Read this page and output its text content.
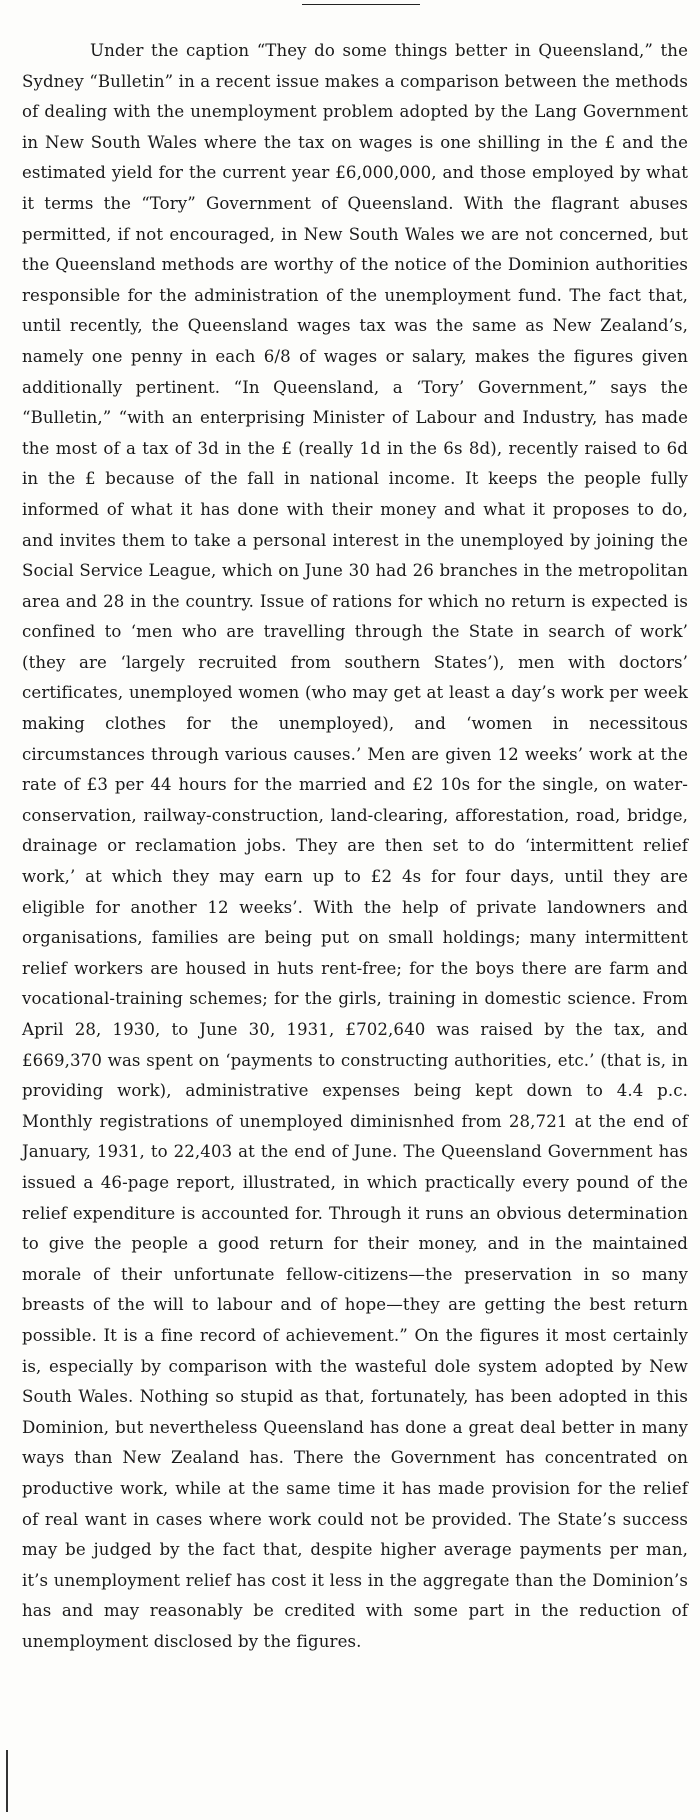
Under the caption “They do some things better in Queensland,” the Sydney “Bulletin” in a recent issue makes a comparison between the methods of dealing with the unemployment problem adopted by the Lang Government in New South Wales where the tax on wages is one shilling in the £ and the estimated yield for the current year £6,000,000, and those employed by what it terms the “Tory” Government of Queensland. With the flagrant abuses permitted, if not encouraged, in New South Wales we are not concerned, but the Queensland methods are worthy of the notice of the Dominion authorities responsible for the administration of the unemployment fund. The fact that, until recently, the Queensland wages tax was the same as New Zealand’s, namely one penny in each 6/8 of wages or salary, makes the figures given additionally pertinent. “In Queensland, a ‘Tory’ Government,” says the “Bulletin,” “with an enterprising Minister of Labour and Industry, has made the most of a tax of 3d in the £ (really 1d in the 6s 8d), recently raised to 6d in the £ because of the fall in national income. It keeps the people fully informed of what it has done with their money and what it proposes to do, and invites them to take a personal interest in the unemployed by joining the Social Service League, which on June 30 had 26 branches in the metropolitan area and 28 in the country. Issue of rations for which no return is expected is confined to ‘men who are travelling through the State in search of work’ (they are ‘largely recruited from southern States’), men with doctors’ certificates, unemployed women (who may get at least a day’s work per week making clothes for the unemployed), and ‘women in necessitous circumstances through various causes.’ Men are given 12 weeks’ work at the rate of £3 per 44 hours for the married and £2 10s for the single, on water-conservation, railway-construction, land-clearing, afforestation, road, bridge, drainage or reclamation jobs. They are then set to do ‘intermittent relief work,’ at which they may earn up to £2 4s for four days, until they are eligible for another 12 weeks’. With the help of private landowners and organisations, families are being put on small holdings; many intermittent relief workers are housed in huts rent-free; for the boys there are farm and vocational-training schemes; for the girls, training in domestic science. From April 28, 1930, to June 30, 1931, £702,640 was raised by the tax, and £669,370 was spent on ‘payments to constructing authorities, etc.’ (that is, in providing work), administrative expenses being kept down to 4.4 p.c. Monthly registrations of unemployed diminisnhed from 28,721 at the end of January, 1931, to 22,403 at the end of June. The Queensland Government has issued a 46-page report, illustrated, in which practically every pound of the relief expenditure is accounted for. Through it runs an obvious determination to give the people a good return for their money, and in the maintained morale of their unfortunate fellow-citizens—the preservation in so many breasts of the will to labour and of hope—they are getting the best return possible. It is a fine record of achievement.” On the figures it most certainly is, especially by comparison with the wasteful dole system adopted by New South Wales. Nothing so stupid as that, fortunately, has been adopted in this Dominion, but nevertheless Queensland has done a great deal better in many ways than New Zealand has. There the Government has concentrated on productive work, while at the same time it has made provision for the relief of real want in cases where work could not be provided. The State’s success may be judged by the fact that, despite higher average payments per man, it’s unemployment relief has cost it less in the aggregate than the Dominion’s has and may reasonably be credited with some part in the reduction of unemployment disclosed by the figures.
